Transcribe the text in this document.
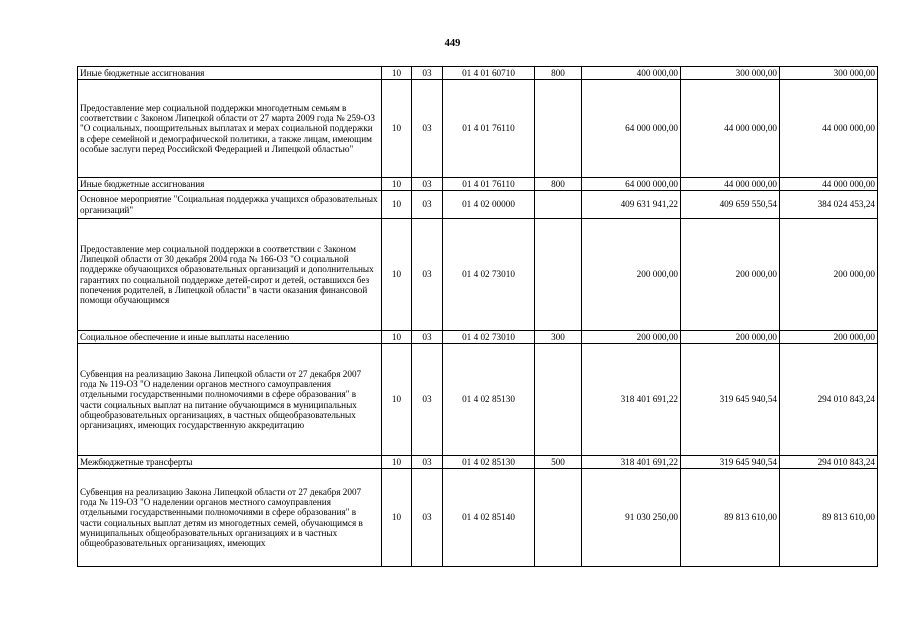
449
Иные бюджетные ассигнования	10	03	01 4 01 60710	800	400 000,00	300 000,00	300 000,00
Предоставление мер социальной поддержки многодетным семьям в соответствии с Законом Липецкой области от 27 марта 2009 года № 259-ОЗ "О социальных, поощрительных выплатах и мерах социальной поддержки в сфере семейной и демографической политики, а также лицам, имеющим особые заслуги перед Российской Федерацией и Липецкой областью"	10	03	01 4 01 76110		64 000 000,00	44 000 000,00	44 000 000,00
Иные бюджетные ассигнования	10	03	01 4 01 76110	800	64 000 000,00	44 000 000,00	44 000 000,00
Основное мероприятие "Социальная поддержка учащихся образовательных организаций"	10	03	01 4 02 00000		409 631 941,22	409 659 550,54	384 024 453,24
Предоставление мер социальной поддержки в соответствии с Законом Липецкой области от 30 декабря 2004 года № 166-ОЗ "О социальной поддержке обучающихся образовательных организаций и дополнительных гарантиях по социальной поддержке детей-сирот и детей, оставшихся без попечения родителей, в Липецкой области" в части оказания финансовой помощи обучающимся	10	03	01 4 02 73010		200 000,00	200 000,00	200 000,00
Социальное обеспечение и иные выплаты населению	10	03	01 4 02 73010	300	200 000,00	200 000,00	200 000,00
Субвенция на реализацию Закона Липецкой области от 27 декабря 2007 года № 119-ОЗ "О наделении органов местного самоуправления отдельными государственными полномочиями в сфере образования" в части социальных выплат на питание обучающимся в муниципальных общеобразовательных организациях, в частных общеобразовательных организациях, имеющих государственную аккредитацию	10	03	01 4 02 85130		318 401 691,22	319 645 940,54	294 010 843,24
Межбюджетные трансферты	10	03	01 4 02 85130	500	318 401 691,22	319 645 940,54	294 010 843,24
Субвенция на реализацию Закона Липецкой области от 27 декабря 2007 года № 119-ОЗ "О наделении органов местного самоуправления отдельными государственными полномочиями в сфере образования" в части социальных выплат детям из многодетных семей, обучающимся в муниципальных общеобразовательных организациях и в частных общеобразовательных организациях, имеющих	10	03	01 4 02 85140		91 030 250,00	89 813 610,00	89 813 610,00
